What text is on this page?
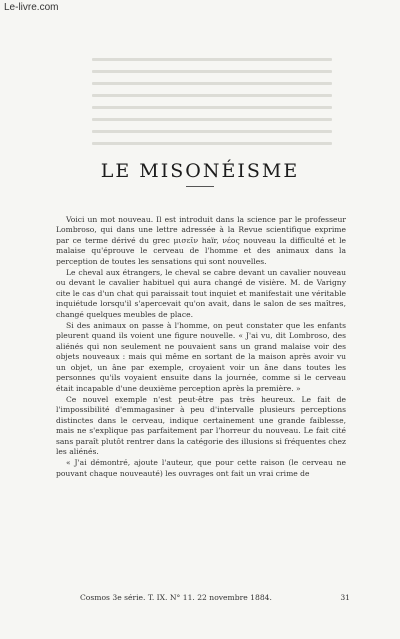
Le-livre.com
LE MISONÉISME

Voici un mot nouveau. Il est introduit dans la science par le professeur Lombroso, qui dans une lettre adressée à la Revue scientifique exprime par ce terme dérivé du grec μισεῖν haïr, νέος nouveau la difficulté et le malaise qu'éprouve le cerveau de l'homme et des animaux dans la perception de toutes les sensations qui sont nouvelles.

Le cheval aux étrangers, le cheval se cabre devant un cavalier nouveau ou devant le cavalier habituel qui aura changé de visière. M. de Varigny cite le cas d'un chat qui paraissait tout inquiet et manifestait une véritable inquiétude lorsqu'il s'apercevait qu'on avait, dans le salon de ses maîtres, changé quelques meubles de place.

Si des animaux on passe à l'homme, on peut constater que les enfants pleurent quand ils voient une figure nouvelle. « J'ai vu, dit Lombroso, des aliénés qui non seulement ne pouvaient sans un grand malaise voir des objets nouveaux : mais qui même en sortant de la maison après avoir vu un objet, un âne par exemple, croyaient voir un âne dans toutes les personnes qu'ils voyaient ensuite dans la journée, comme si le cerveau était incapable d'une deuxième perception après la première. »

Ce nouvel exemple n'est peut-être pas très heureux. Le fait de l'impossibilité d'emmagasiner à peu d'intervalle plusieurs perceptions distinctes dans le cerveau, indique certainement une grande faiblesse, mais ne s'explique pas parfaitement par l'horreur du nouveau. Le fait cité sans paraît plutôt rentrer dans la catégorie des illusions si fréquentes chez les aliénés.

« J'ai démontré, ajoute l'auteur, que pour cette raison (le cerveau ne pouvant chaque nouveauté) les ouvrages ont fait un vrai crime de

Cosmos 3e série. T. IX. N° 11. 22 novembre 1884.	31
